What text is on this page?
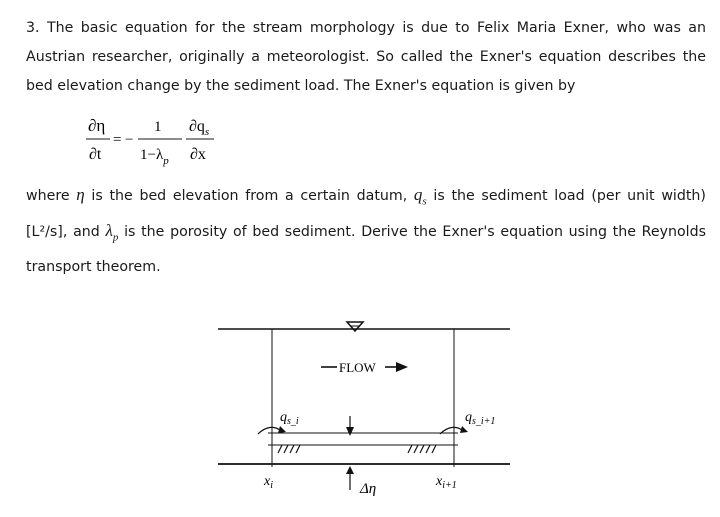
3. The basic equation for the stream morphology is due to Felix Maria Exner, who was an Austrian researcher, originally a meteorologist. So called the Exner's equation describes the bed elevation change by the sediment load. The Exner's equation is given by
∂η
∂t
= −
1
$1-\lambda_p$
$\partial q_s$
∂x
where η is the bed elevation from a certain datum, $q_s$ is the sediment load (per unit width) [L²/s], and $\lambda_p$ is the porosity of bed sediment. Derive the Exner's equation using the Reynolds transport theorem.
FLOW
$q_{s\_i}$	$q_{s\_i+1}$
Δη
$x_i$	$x_{i+1}$
